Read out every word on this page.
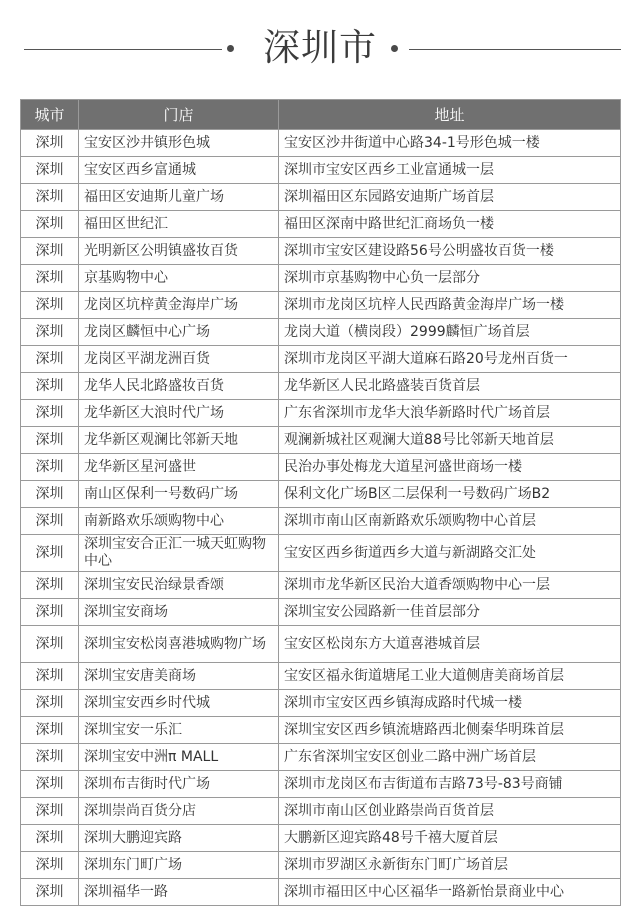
深圳市
城市	门店	地址
深圳	宝安区沙井镇形色城	宝安区沙井街道中心路34-1号形色城一楼
深圳	宝安区西乡富通城	深圳市宝安区西乡工业富通城一层
深圳	福田区安迪斯儿童广场	深圳福田区东园路安迪斯广场首层
深圳	福田区世纪汇	福田区深南中路世纪汇商场负一楼
深圳	光明新区公明镇盛妆百货	深圳市宝安区建设路56号公明盛妆百货一楼
深圳	京基购物中心	深圳市京基购物中心负一层部分
深圳	龙岗区坑梓黄金海岸广场	深圳市龙岗区坑梓人民西路黄金海岸广场一楼
深圳	龙岗区麟恒中心广场	龙岗大道（横岗段）2999麟恒广场首层
深圳	龙岗区平湖龙洲百货	深圳市龙岗区平湖大道麻石路20号龙州百货一
深圳	龙华人民北路盛妆百货	龙华新区人民北路盛装百货首层
深圳	龙华新区大浪时代广场	广东省深圳市龙华大浪华新路时代广场首层
深圳	龙华新区观澜比邻新天地	观澜新城社区观澜大道88号比邻新天地首层
深圳	龙华新区星河盛世	民治办事处梅龙大道星河盛世商场一楼
深圳	南山区保利一号数码广场	保利文化广场B区二层保利一号数码广场B2
深圳	南新路欢乐颂购物中心	深圳市南山区南新路欢乐颂购物中心首层
深圳	深圳宝安合正汇一城天虹购物中心	宝安区西乡街道西乡大道与新湖路交汇处
深圳	深圳宝安民治绿景香颂	深圳市龙华新区民治大道香颂购物中心一层
深圳	深圳宝安商场	深圳宝安公园路新一佳首层部分
深圳	深圳宝安松岗喜港城购物广场	宝安区松岗东方大道喜港城首层
深圳	深圳宝安唐美商场	宝安区福永街道塘尾工业大道侧唐美商场首层
深圳	深圳宝安西乡时代城	深圳市宝安区西乡镇海成路时代城一楼
深圳	深圳宝安一乐汇	深圳宝安区西乡镇流塘路西北侧秦华明珠首层
深圳	深圳宝安中洲π MALL	广东省深圳宝安区创业二路中洲广场首层
深圳	深圳布吉街时代广场	深圳市龙岗区布吉街道布吉路73号-83号商铺
深圳	深圳崇尚百货分店	深圳市南山区创业路崇尚百货首层
深圳	深圳大鹏迎宾路	大鹏新区迎宾路48号千禧大厦首层
深圳	深圳东门町广场	深圳市罗湖区永新街东门町广场首层
深圳	深圳福华一路	深圳市福田区中心区福华一路新怡景商业中心
